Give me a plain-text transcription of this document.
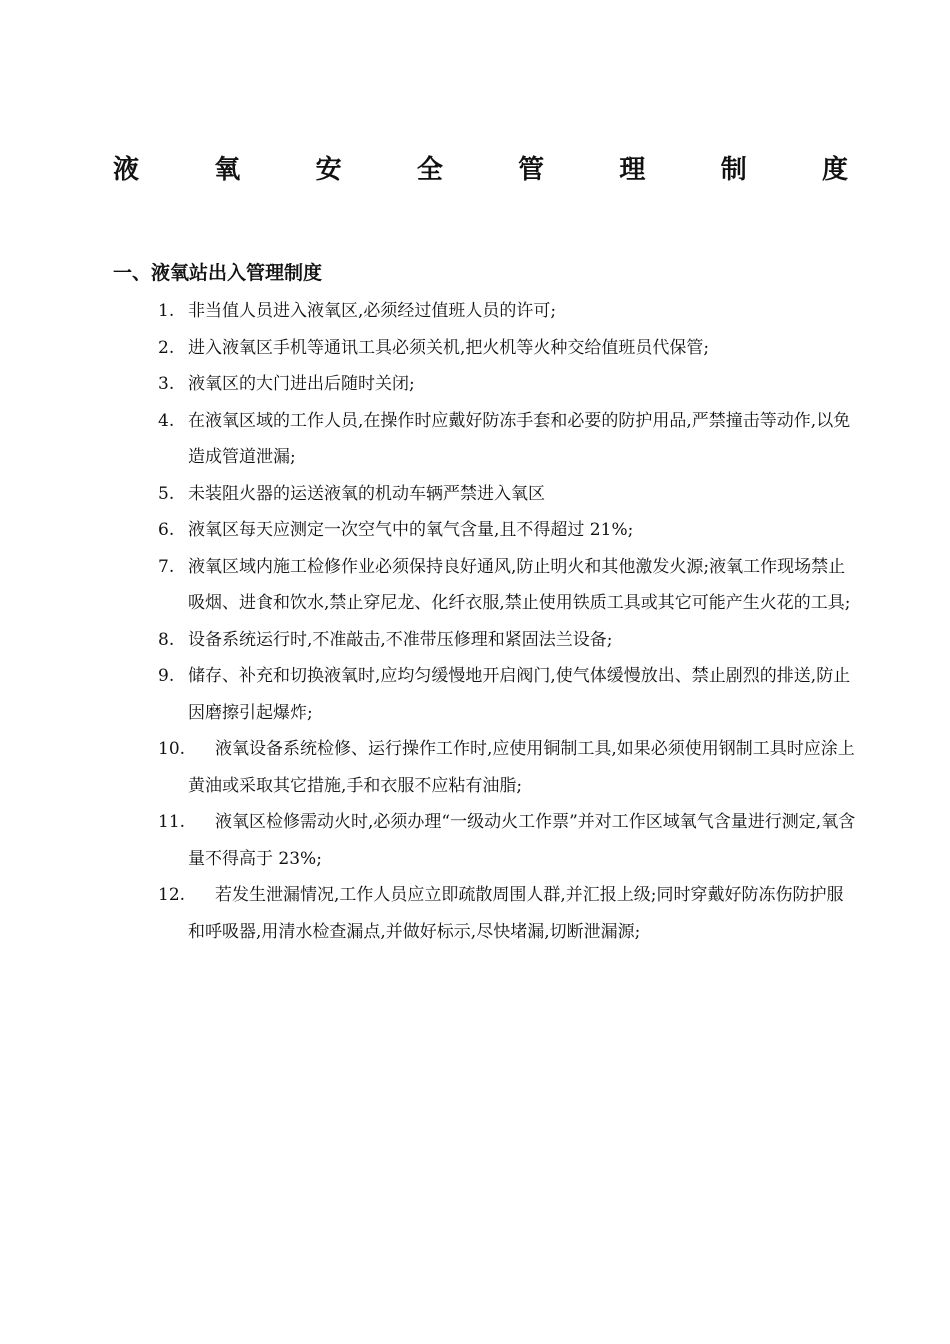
液	氧	安	全	管	理	制	度
一、液氧站出入管理制度
1. 非当值人员进入液氧区,必须经过值班人员的许可;
2. 进入液氧区手机等通讯工具必须关机,把火机等火种交给值班员代保管;
3. 液氧区的大门进出后随时关闭;
4. 在液氧区域的工作人员,在操作时应戴好防冻手套和必要的防护用品,严禁撞击等动作,以免造成管道泄漏;
5. 未装阻火器的运送液氧的机动车辆严禁进入氧区
6. 液氧区每天应测定一次空气中的氧气含量,且不得超过 21%;
7. 液氧区域内施工检修作业必须保持良好通风,防止明火和其他激发火源;液氧工作现场禁止吸烟、进食和饮水,禁止穿尼龙、化纤衣服,禁止使用铁质工具或其它可能产生火花的工具;
8. 设备系统运行时,不准敲击,不准带压修理和紧固法兰设备;
9. 储存、补充和切换液氧时,应均匀缓慢地开启阀门,使气体缓慢放出、禁止剧烈的排送,防止因磨擦引起爆炸;
10. 液氧设备系统检修、运行操作工作时,应使用铜制工具,如果必须使用钢制工具时应涂上黄油或采取其它措施,手和衣服不应粘有油脂;
11. 液氧区检修需动火时,必须办理“一级动火工作票”并对工作区域氧气含量进行测定,氧含量不得高于 23%;
12. 若发生泄漏情况,工作人员应立即疏散周围人群,并汇报上级;同时穿戴好防冻伤防护服和呼吸器,用清水检查漏点,并做好标示,尽快堵漏,切断泄漏源;
